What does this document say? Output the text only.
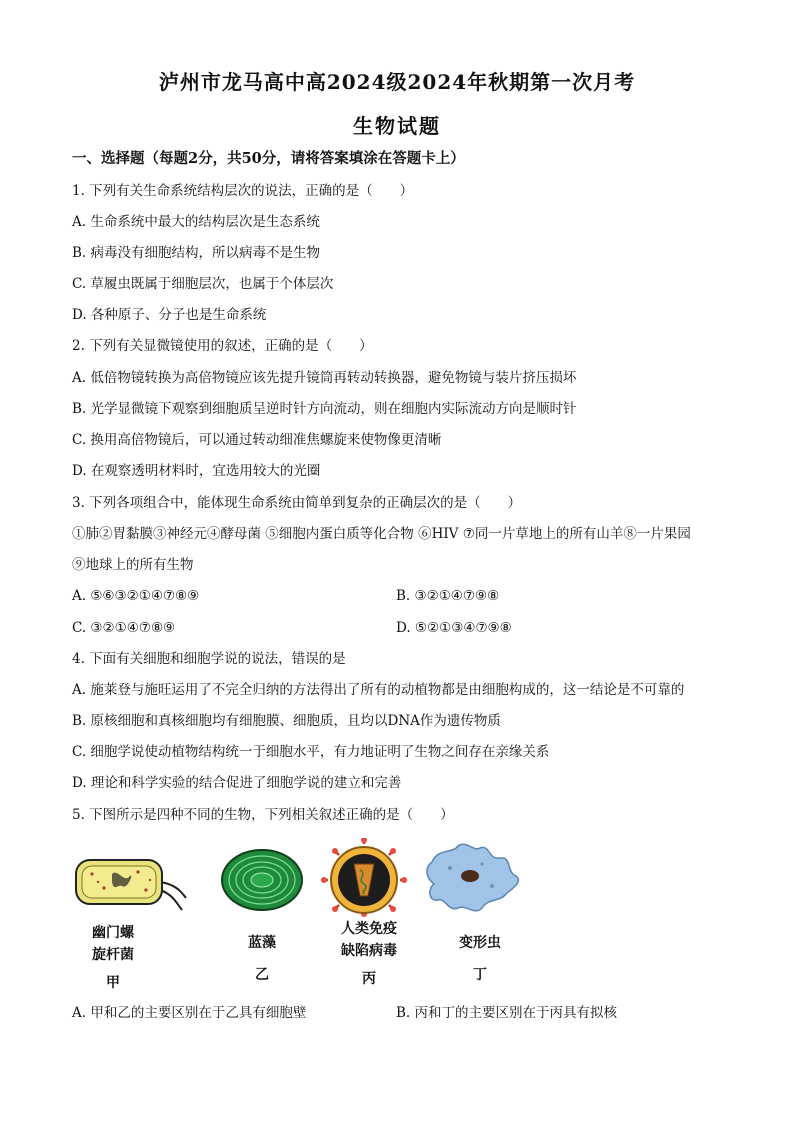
泸州市龙马高中高2024级2024年秋期第一次月考
生物试题
一、选择题（每题2分，共50分，请将答案填涂在答题卡上）
1. 下列有关生命系统结构层次的说法，正确的是（　　）
A. 生命系统中最大的结构层次是生态系统
B. 病毒没有细胞结构，所以病毒不是生物
C. 草履虫既属于细胞层次，也属于个体层次
D. 各种原子、分子也是生命系统
2. 下列有关显微镜使用的叙述，正确的是（　　）
A. 低倍物镜转换为高倍物镜应该先提升镜筒再转动转换器，避免物镜与装片挤压损坏
B. 光学显微镜下观察到细胞质呈逆时针方向流动，则在细胞内实际流动方向是顺时针
C. 换用高倍物镜后，可以通过转动细准焦螺旋来使物像更清晰
D. 在观察透明材料时，宜选用较大的光圈
3. 下列各项组合中，能体现生命系统由简单到复杂的正确层次的是（　　）
①肺②胃黏膜③神经元④酵母菌 ⑤细胞内蛋白质等化合物 ⑥HIV ⑦同一片草地上的所有山羊⑧一片果园
⑨地球上的所有生物
A. ⑤⑥③②①④⑦⑧⑨	B. ③②①④⑦⑨⑧
C. ③②①④⑦⑧⑨	D. ⑤②①③④⑦⑨⑧
4. 下面有关细胞和细胞学说的说法，错误的是
A. 施莱登与施旺运用了不完全归纳的方法得出了所有的动植物都是由细胞构成的，这一结论是不可靠的
B. 原核细胞和真核细胞均有细胞膜、细胞质，且均以DNA作为遗传物质
C. 细胞学说使动植物结构统一于细胞水平，有力地证明了生物之间存在亲缘关系
D. 理论和科学实验的结合促进了细胞学说的建立和完善
5. 下图所示是四种不同的生物，下列相关叙述正确的是（　　）
幽门螺
旋杆菌
甲
蓝藻
乙
人类免疫
缺陷病毒
丙
变形虫
丁
A. 甲和乙的主要区别在于乙具有细胞壁	B. 丙和丁的主要区别在于丙具有拟核
